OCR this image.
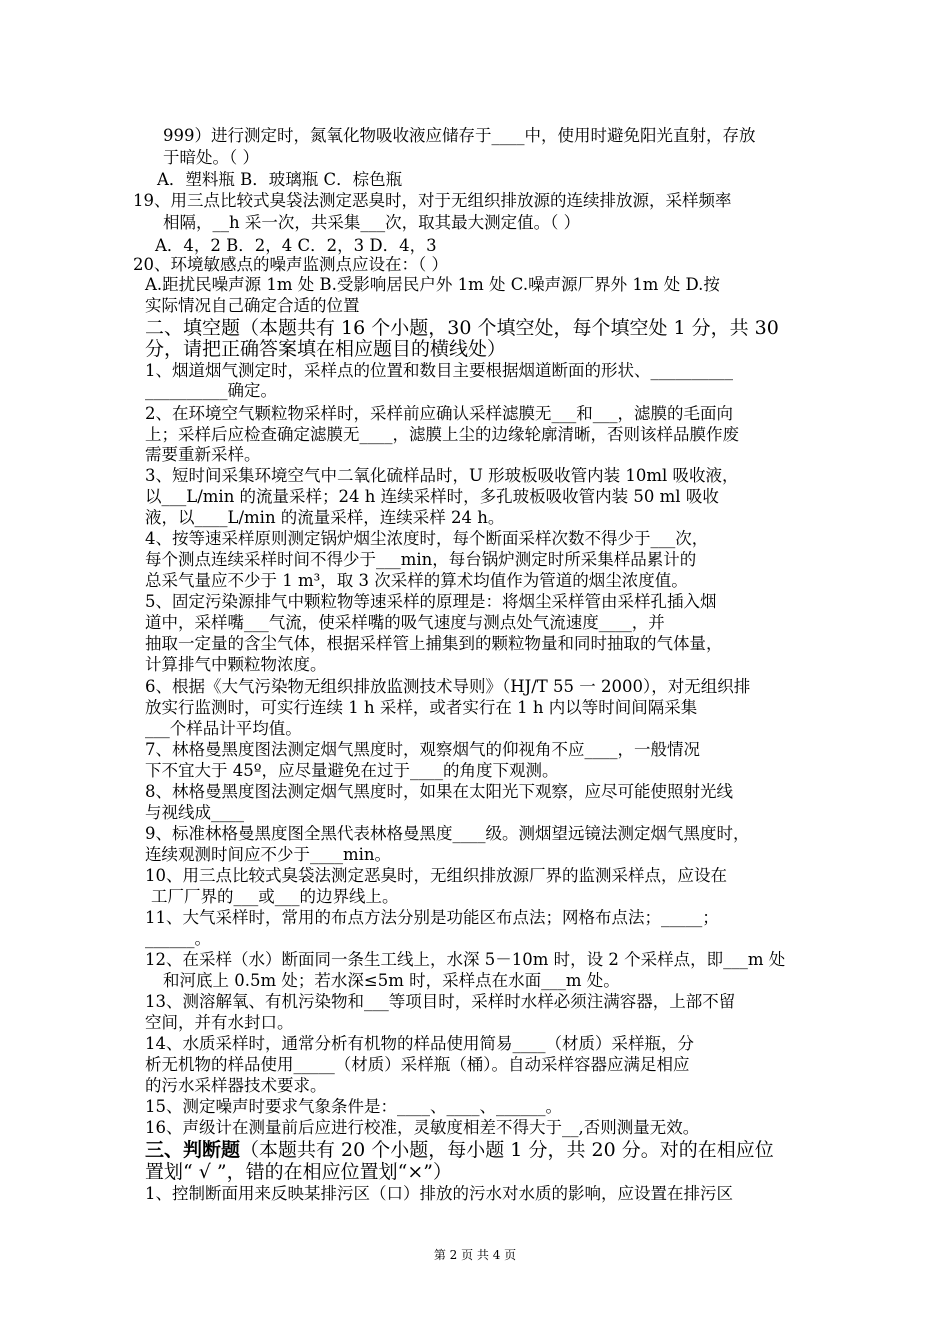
999）进行测定时，氮氧化物吸收液应储存于____中，使用时避免阳光直射，存放
于暗处。（ ）
A．塑料瓶 B．玻璃瓶 C．棕色瓶
19、用三点比较式臭袋法测定恶臭时，对于无组织排放源的连续排放源，采样频率
相隔，__h 采一次，共采集___次，取其最大测定值。（ ）
A．4，2 B．2，4 C．2，3 D．4，3
20、环境敏感点的噪声监测点应设在：（ ）
A.距扰民噪声源 1m 处 B.受影响居民户外 1m 处 C.噪声源厂界外 1m 处 D.按
实际情况自己确定合适的位置
二、填空题（本题共有 16 个小题，30 个填空处，每个填空处 1 分，共 30
分，请把正确答案填在相应题目的横线处）
1、烟道烟气测定时，采样点的位置和数目主要根据烟道断面的形状、__________
__________确定。
2、在环境空气颗粒物采样时，采样前应确认采样滤膜无___和___，滤膜的毛面向
上；采样后应检查确定滤膜无____，滤膜上尘的边缘轮廓清晰，否则该样品膜作废
需要重新采样。
3、短时间采集环境空气中二氧化硫样品时，U 形玻板吸收管内装 10ml 吸收液，
以___L/min 的流量采样；24 h 连续采样时，多孔玻板吸收管内装 50 ml 吸收
液，以____L/min 的流量采样，连续采样 24 h。
4、按等速采样原则测定锅炉烟尘浓度时，每个断面采样次数不得少于___次，
每个测点连续采样时间不得少于___min，每台锅炉测定时所采集样品累计的
总采气量应不少于 1 m³，取 3 次采样的算术均值作为管道的烟尘浓度值。
5、固定污染源排气中颗粒物等速采样的原理是：将烟尘采样管由采样孔插入烟
道中，采样嘴___气流，使采样嘴的吸气速度与测点处气流速度____，并
抽取一定量的含尘气体，根据采样管上捕集到的颗粒物量和同时抽取的气体量，
计算排气中颗粒物浓度。
6、根据《大气污染物无组织排放监测技术导则》（HJ/T 55 一 2000），对无组织排
放实行监测时，可实行连续 1 h 采样，或者实行在 1 h 内以等时间间隔采集
___个样品计平均值。
7、林格曼黑度图法测定烟气黑度时，观察烟气的仰视角不应____，一般情况
下不宜大于 45º，应尽量避免在过于____的角度下观测。
8、林格曼黑度图法测定烟气黑度时，如果在太阳光下观察，应尽可能使照射光线
与视线成____
9、标准林格曼黑度图全黑代表林格曼黑度____级。测烟望远镜法测定烟气黑度时，
连续观测时间应不少于____min。
10、用三点比较式臭袋法测定恶臭时，无组织排放源厂界的监测采样点，应设在
工厂厂界的___或___的边界线上。
11、大气采样时，常用的布点方法分别是功能区布点法；网格布点法；_____；
______。
12、在采样（水）断面同一条生工线上，水深 5－10m 时，设 2 个采样点，即___m 处
和河底上 0.5m 处；若水深≤5m 时，采样点在水面___m 处。
13、测溶解氧、有机污染物和___等项目时，采样时水样必须注满容器，上部不留
空间，并有水封口。
14、水质采样时，通常分析有机物的样品使用简易____（材质）采样瓶，分
析无机物的样品使用_____（材质）采样瓶（桶）。自动采样容器应满足相应
的污水采样器技术要求。
15、测定噪声时要求气象条件是：____、____、______。
16、声级计在测量前后应进行校准，灵敏度相差不得大于__,否则测量无效。
三、判断题（本题共有 20 个小题，每小题 1 分，共 20 分。对的在相应位
置划“ √ ”，错的在相应位置划“×”）
1、控制断面用来反映某排污区（口）排放的污水对水质的影响，应设置在排污区
第 2 页 共 4 页
